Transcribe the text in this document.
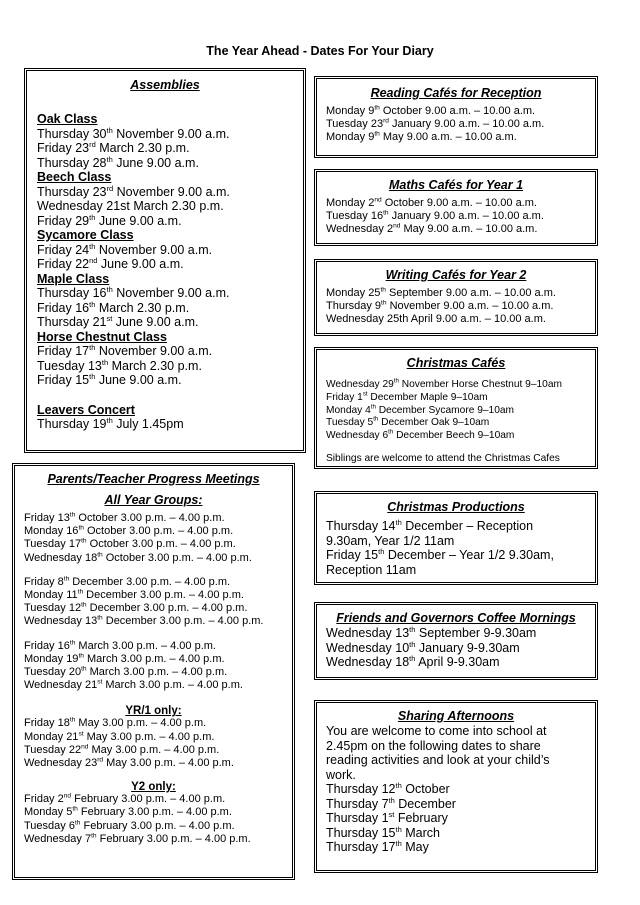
The Year Ahead - Dates For Your Diary
Assemblies
Oak Class
Thursday 30th November 9.00 a.m.
Friday 23rd March 2.30 p.m.
Thursday 28th June 9.00 a.m.
Beech Class
Thursday 23rd November 9.00 a.m.
Wednesday 21st March 2.30 p.m.
Friday 29th June 9.00 a.m.
Sycamore Class
Friday 24th November 9.00 a.m.
Friday 22nd June 9.00 a.m.
Maple Class
Thursday 16th November 9.00 a.m.
Friday 16th March 2.30 p.m.
Thursday 21st June 9.00 a.m.
Horse Chestnut Class
Friday 17th November 9.00 a.m.
Tuesday 13th March 2.30 p.m.
Friday 15th June 9.00 a.m.
Leavers Concert
Thursday 19th July 1.45pm
Parents/Teacher Progress Meetings
All Year Groups:
Friday 13th October 3.00 p.m. – 4.00 p.m.
Monday 16th October 3.00 p.m. – 4.00 p.m.
Tuesday 17th October 3.00 p.m. – 4.00 p.m.
Wednesday 18th October 3.00 p.m. – 4.00 p.m.
Friday 8th December 3.00 p.m. – 4.00 p.m.
Monday 11th December 3.00 p.m. – 4.00 p.m.
Tuesday 12th December 3.00 p.m. – 4.00 p.m.
Wednesday 13th December 3.00 p.m. – 4.00 p.m.
Friday 16th March 3.00 p.m. – 4.00 p.m.
Monday 19th March 3.00 p.m. – 4.00 p.m.
Tuesday 20th March 3.00 p.m. – 4.00 p.m.
Wednesday 21st March 3.00 p.m. – 4.00 p.m.
YR/1 only:
Friday 18th May 3.00 p.m. – 4.00 p.m.
Monday 21st May 3.00 p.m. – 4.00 p.m.
Tuesday 22nd May 3.00 p.m. – 4.00 p.m.
Wednesday 23rd May 3.00 p.m. – 4.00 p.m.
Y2 only:
Friday 2nd February 3.00 p.m. – 4.00 p.m.
Monday 5th February 3.00 p.m. – 4.00 p.m.
Tuesday 6th February 3.00 p.m. – 4.00 p.m.
Wednesday 7th February 3.00 p.m. – 4.00 p.m.
Reading Cafés for Reception
Monday 9th October 9.00 a.m. – 10.00 a.m.
Tuesday 23rd January 9.00 a.m. – 10.00 a.m.
Monday 9th May 9.00 a.m. – 10.00 a.m.
Maths Cafés for Year 1
Monday 2nd October 9.00 a.m. – 10.00 a.m.
Tuesday 16th January 9.00 a.m. – 10.00 a.m.
Wednesday 2nd May 9.00 a.m. – 10.00 a.m.
Writing Cafés for Year 2
Monday 25th September 9.00 a.m. – 10.00 a.m.
Thursday 9th November 9.00 a.m. – 10.00 a.m.
Wednesday 25th April 9.00 a.m. – 10.00 a.m.
Christmas Cafés
Wednesday 29th November Horse Chestnut 9–10am
Friday 1st December Maple 9–10am
Monday 4th December Sycamore 9–10am
Tuesday 5th December Oak 9–10am
Wednesday 6th December Beech 9–10am
Siblings are welcome to attend the Christmas Cafes
Christmas Productions
Thursday 14th December – Reception
9.30am, Year 1/2 11am
Friday 15th December – Year 1/2 9.30am,
Reception 11am
Friends and Governors Coffee Mornings
Wednesday 13th September 9-9.30am
Wednesday 10th January 9-9.30am
Wednesday 18th April 9-9.30am
Sharing Afternoons
You are welcome to come into school at
2.45pm on the following dates to share
reading activities and look at your child’s
work.
Thursday 12th October
Thursday 7th December
Thursday 1st February
Thursday 15th March
Thursday 17th May
